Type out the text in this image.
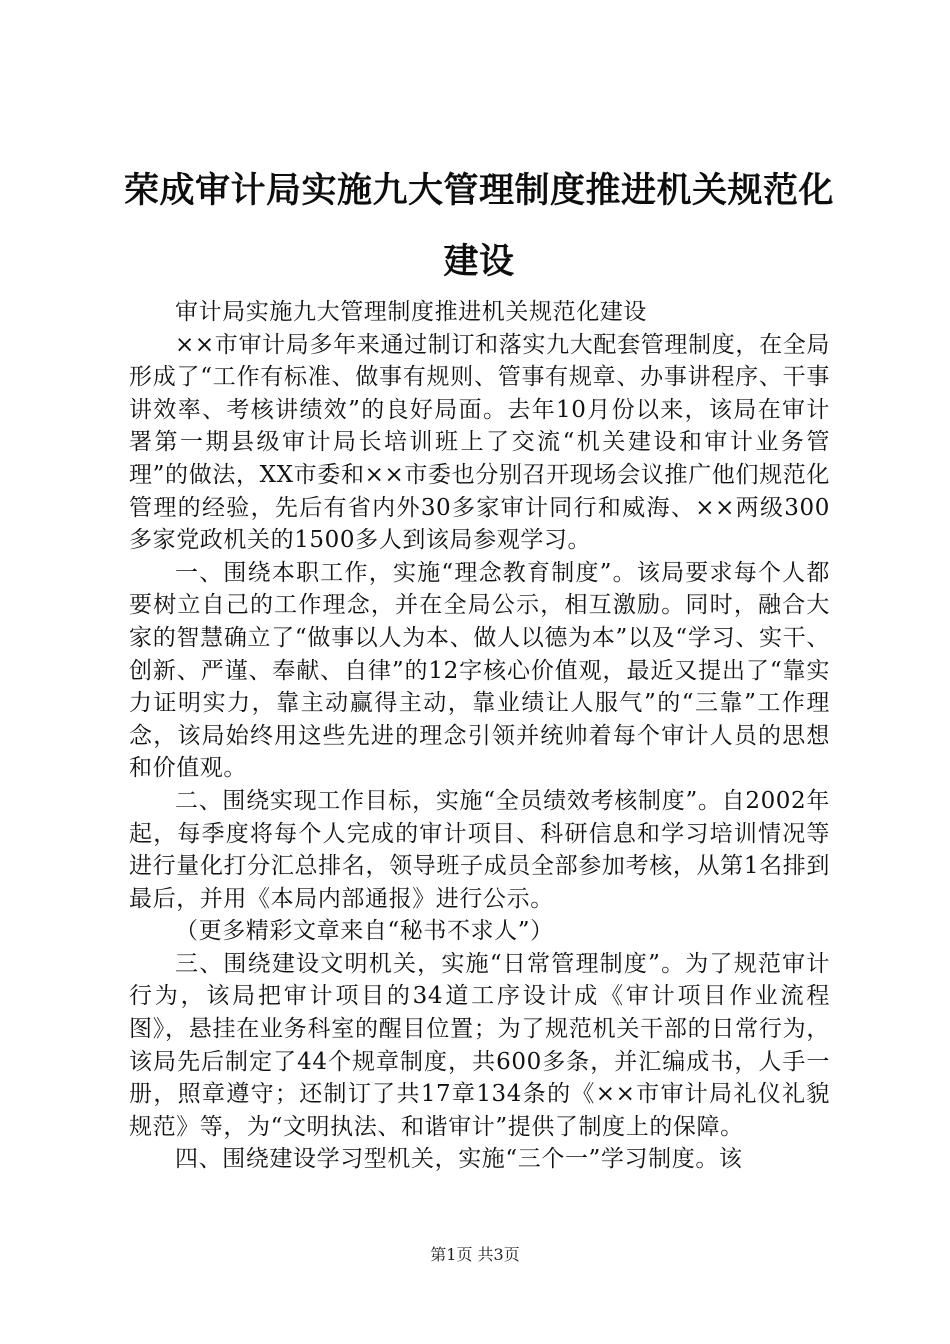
荣成审计局实施九大管理制度推进机关规范化建设

审计局实施九大管理制度推进机关规范化建设

××市审计局多年来通过制订和落实九大配套管理制度，在全局形成了“工作有标准、做事有规则、管事有规章、办事讲程序、干事讲效率、考核讲绩效”的良好局面。去年10月份以来，该局在审计署第一期县级审计局长培训班上了交流“机关建设和审计业务管理”的做法，XX市委和××市委也分别召开现场会议推广他们规范化管理的经验，先后有省内外30多家审计同行和威海、××两级300多家党政机关的1500多人到该局参观学习。

一、围绕本职工作，实施“理念教育制度”。该局要求每个人都要树立自己的工作理念，并在全局公示，相互激励。同时，融合大家的智慧确立了“做事以人为本、做人以德为本”以及“学习、实干、创新、严谨、奉献、自律”的12字核心价值观，最近又提出了“靠实力证明实力，靠主动赢得主动，靠业绩让人服气”的“三靠”工作理念，该局始终用这些先进的理念引领并统帅着每个审计人员的思想和价值观。

二、围绕实现工作目标，实施“全员绩效考核制度”。自2002年起，每季度将每个人完成的审计项目、科研信息和学习培训情况等进行量化打分汇总排名，领导班子成员全部参加考核，从第1名排到最后，并用《本局内部通报》进行公示。

（更多精彩文章来自“秘书不求人”）

三、围绕建设文明机关，实施“日常管理制度”。为了规范审计行为，该局把审计项目的34道工序设计成《审计项目作业流程图》，悬挂在业务科室的醒目位置；为了规范机关干部的日常行为，该局先后制定了44个规章制度，共600多条，并汇编成书，人手一册，照章遵守；还制订了共17章134条的《××市审计局礼仪礼貌规范》等，为“文明执法、和谐审计”提供了制度上的保障。

四、围绕建设学习型机关，实施“三个一”学习制度。该

第1页 共3页
